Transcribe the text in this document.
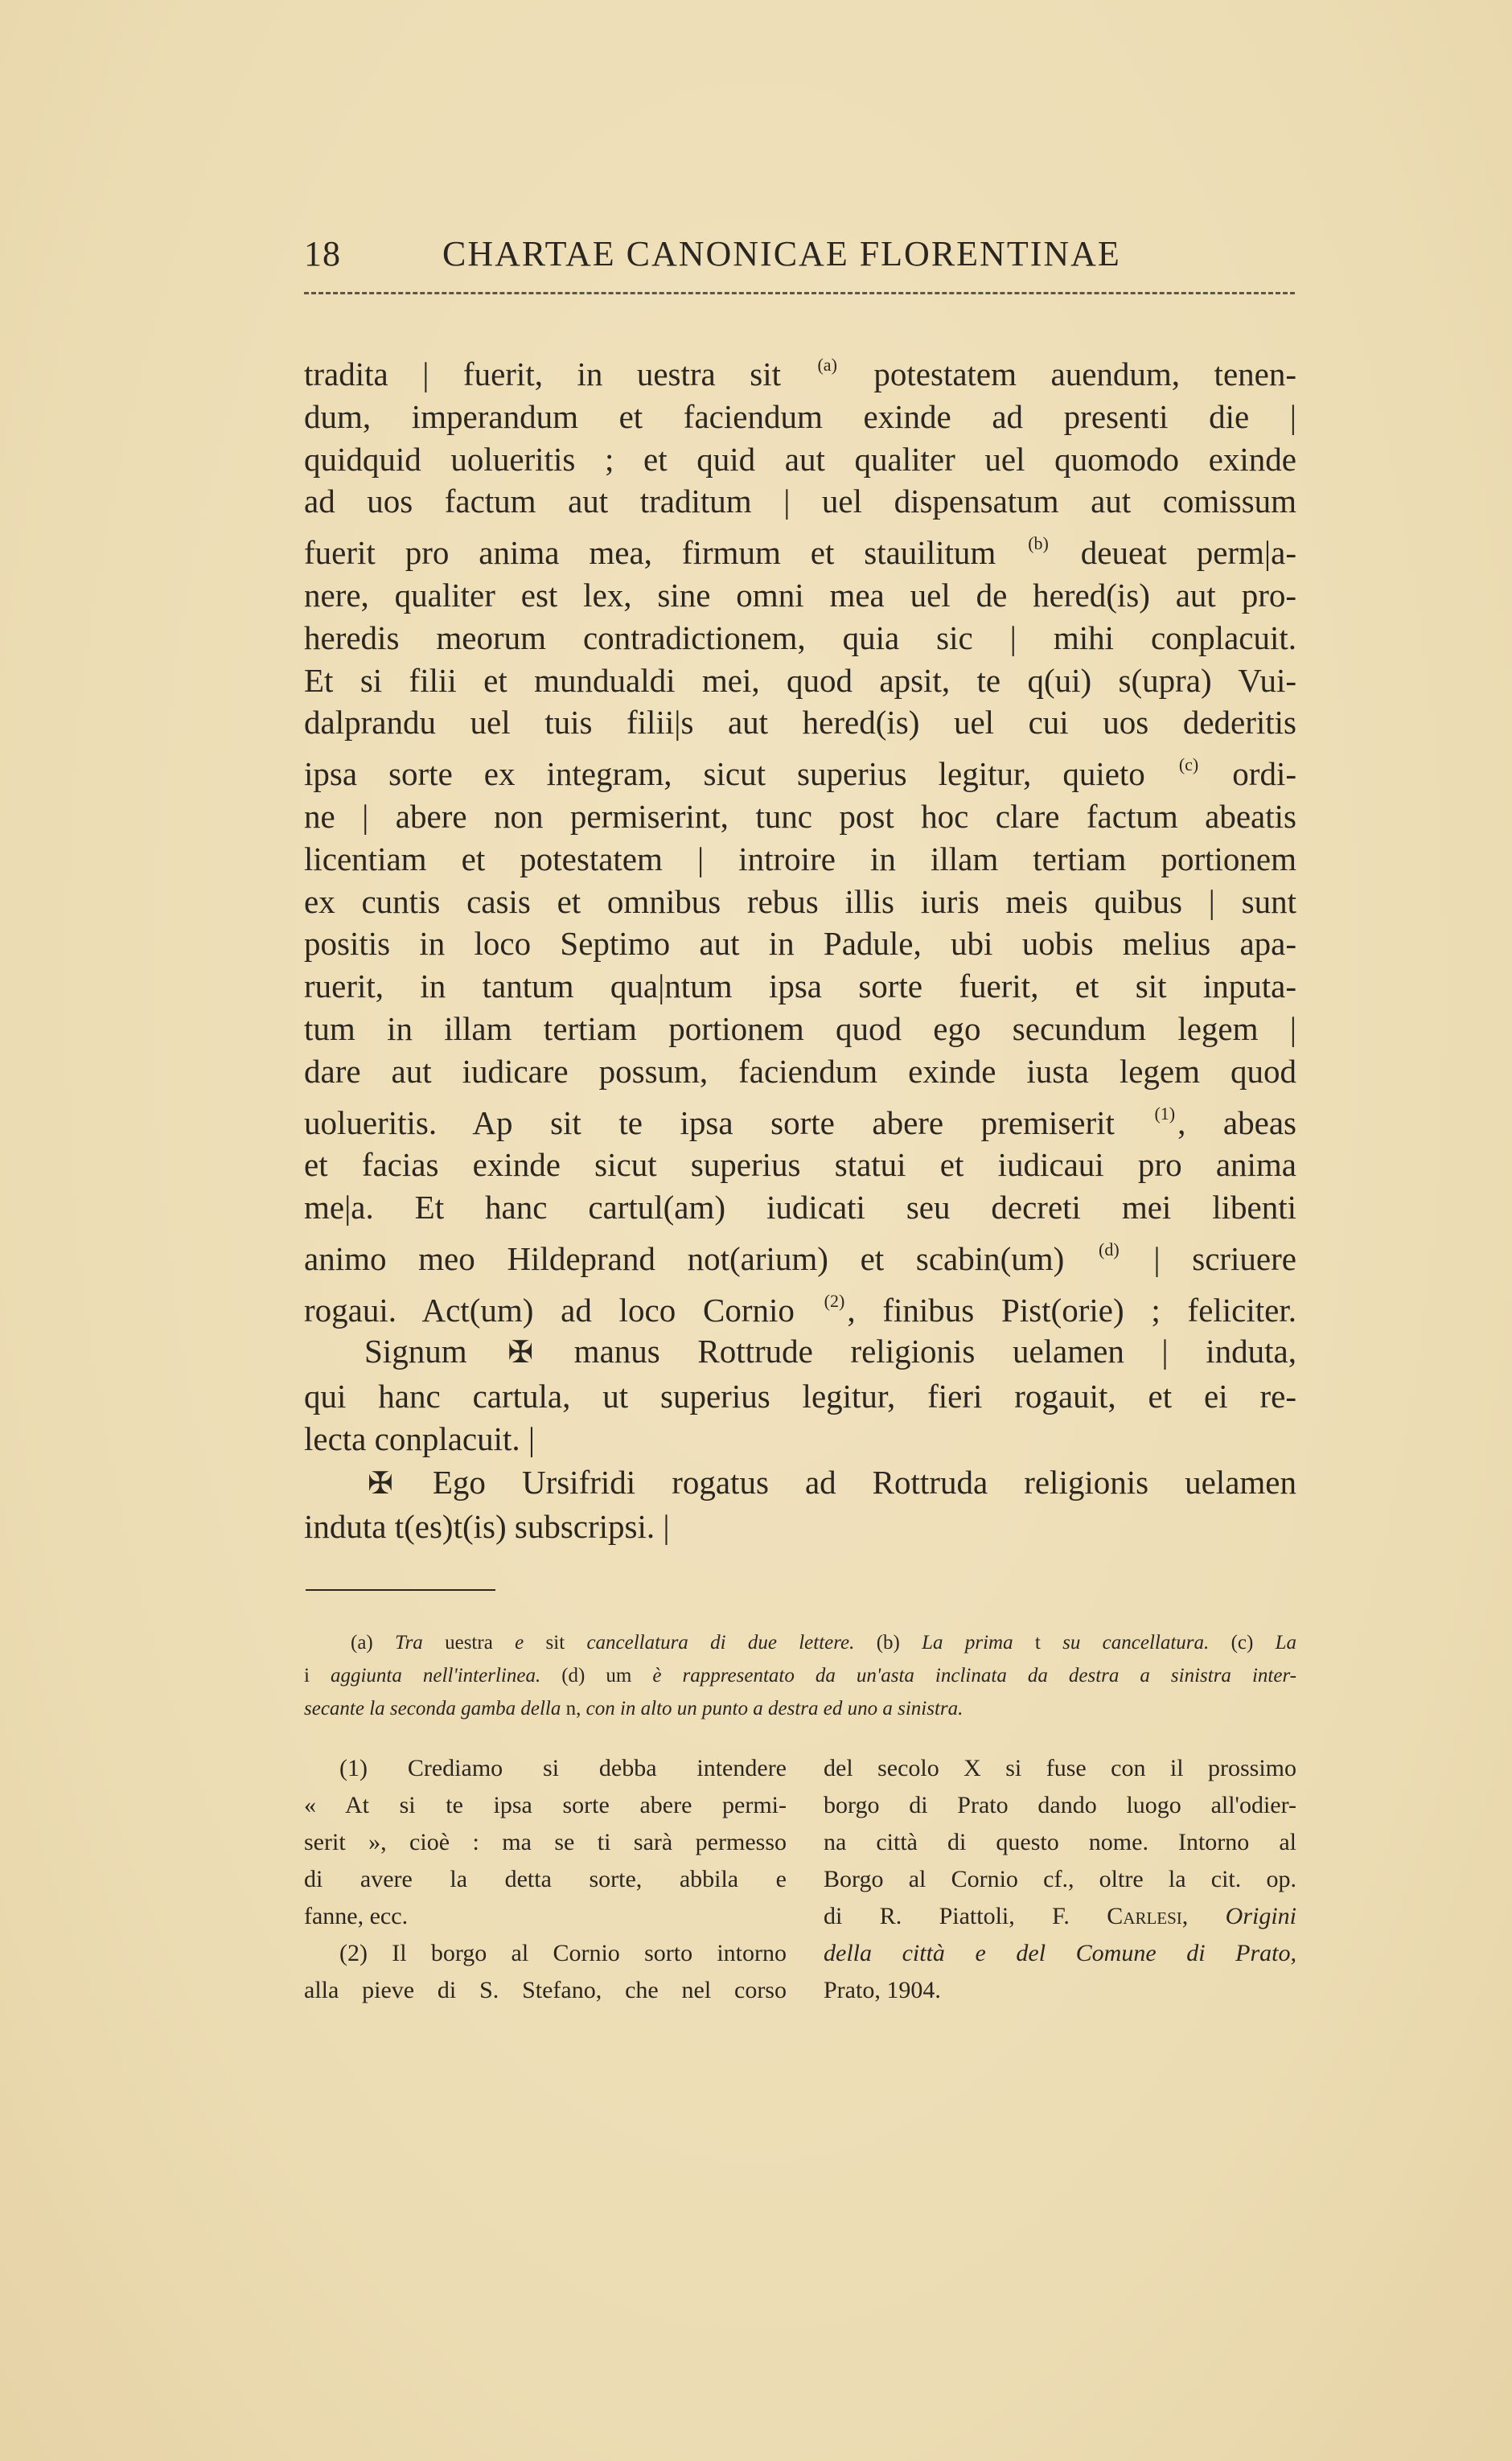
18	CHARTAE CANONICAE FLORENTINAE
tradita | fuerit, in uestra sit $^{(a)}$ potestatem auendum, tenen-
dum, imperandum et faciendum exinde ad presenti die |
quidquid uolueritis ; et quid aut qualiter uel quomodo exinde
ad uos factum aut traditum | uel dispensatum aut comissum
fuerit pro anima mea, firmum et stauilitum $^{(b)}$ deueat perm|a-
nere, qualiter est lex, sine omni mea uel de hered(is) aut pro-
heredis meorum contradictionem, quia sic | mihi conplacuit.
Et si filii et mundualdi mei, quod apsit, te q(ui) s(upra) Vui-
dalprandu uel tuis filii|s aut hered(is) uel cui uos dederitis
ipsa sorte ex integram, sicut superius legitur, quieto $^{(c)}$ ordi-
ne | abere non permiserint, tunc post hoc clare factum abeatis
licentiam et potestatem | introire in illam tertiam portionem
ex cuntis casis et omnibus rebus illis iuris meis quibus | sunt
positis in loco Septimo aut in Padule, ubi uobis melius apa-
ruerit, in tantum qua|ntum ipsa sorte fuerit, et sit inputa-
tum in illam tertiam portionem quod ego secundum legem |
dare aut iudicare possum, faciendum exinde iusta legem quod
uolueritis. Ap sit te ipsa sorte abere premiserit $^{(1)}$, abeas
et facias exinde sicut superius statui et iudicaui pro anima
me|a. Et hanc cartul(am) iudicati seu decreti mei libenti
animo meo Hildeprand not(arium) et scabin(um) $^{(d)}$ | scriuere
rogaui. Act(um) ad loco Cornio $^{(2)}$, finibus Pist(orie) ; feliciter.
Signum ✠ manus Rottrude religionis uelamen | induta,
qui hanc cartula, ut superius legitur, fieri rogauit, et ei re-
lecta conplacuit. |
✠ Ego Ursifridi rogatus ad Rottruda religionis uelamen
induta t(es)t(is) subscripsi. |
(a) Tra uestra e sit cancellatura di due lettere. (b) La prima t su cancellatura. (c) La
i aggiunta nell'interlinea. (d) um è rappresentato da un'asta inclinata da destra a sinistra inter-
secante la seconda gamba della n, con in alto un punto a destra ed uno a sinistra.
(1) Crediamo si debba intendere
« At si te ipsa sorte abere permi-
serit », cioè : ma se ti sarà permesso
di avere la detta sorte, abbila e
fanne, ecc.
(2) Il borgo al Cornio sorto intorno
alla pieve di S. Stefano, che nel corso
del secolo X si fuse con il prossimo
borgo di Prato dando luogo all'odier-
na città di questo nome. Intorno al
Borgo al Cornio cf., oltre la cit. op.
di R. Piattoli, F. Carlesi, Origini
della città e del Comune di Prato,
Prato, 1904.
